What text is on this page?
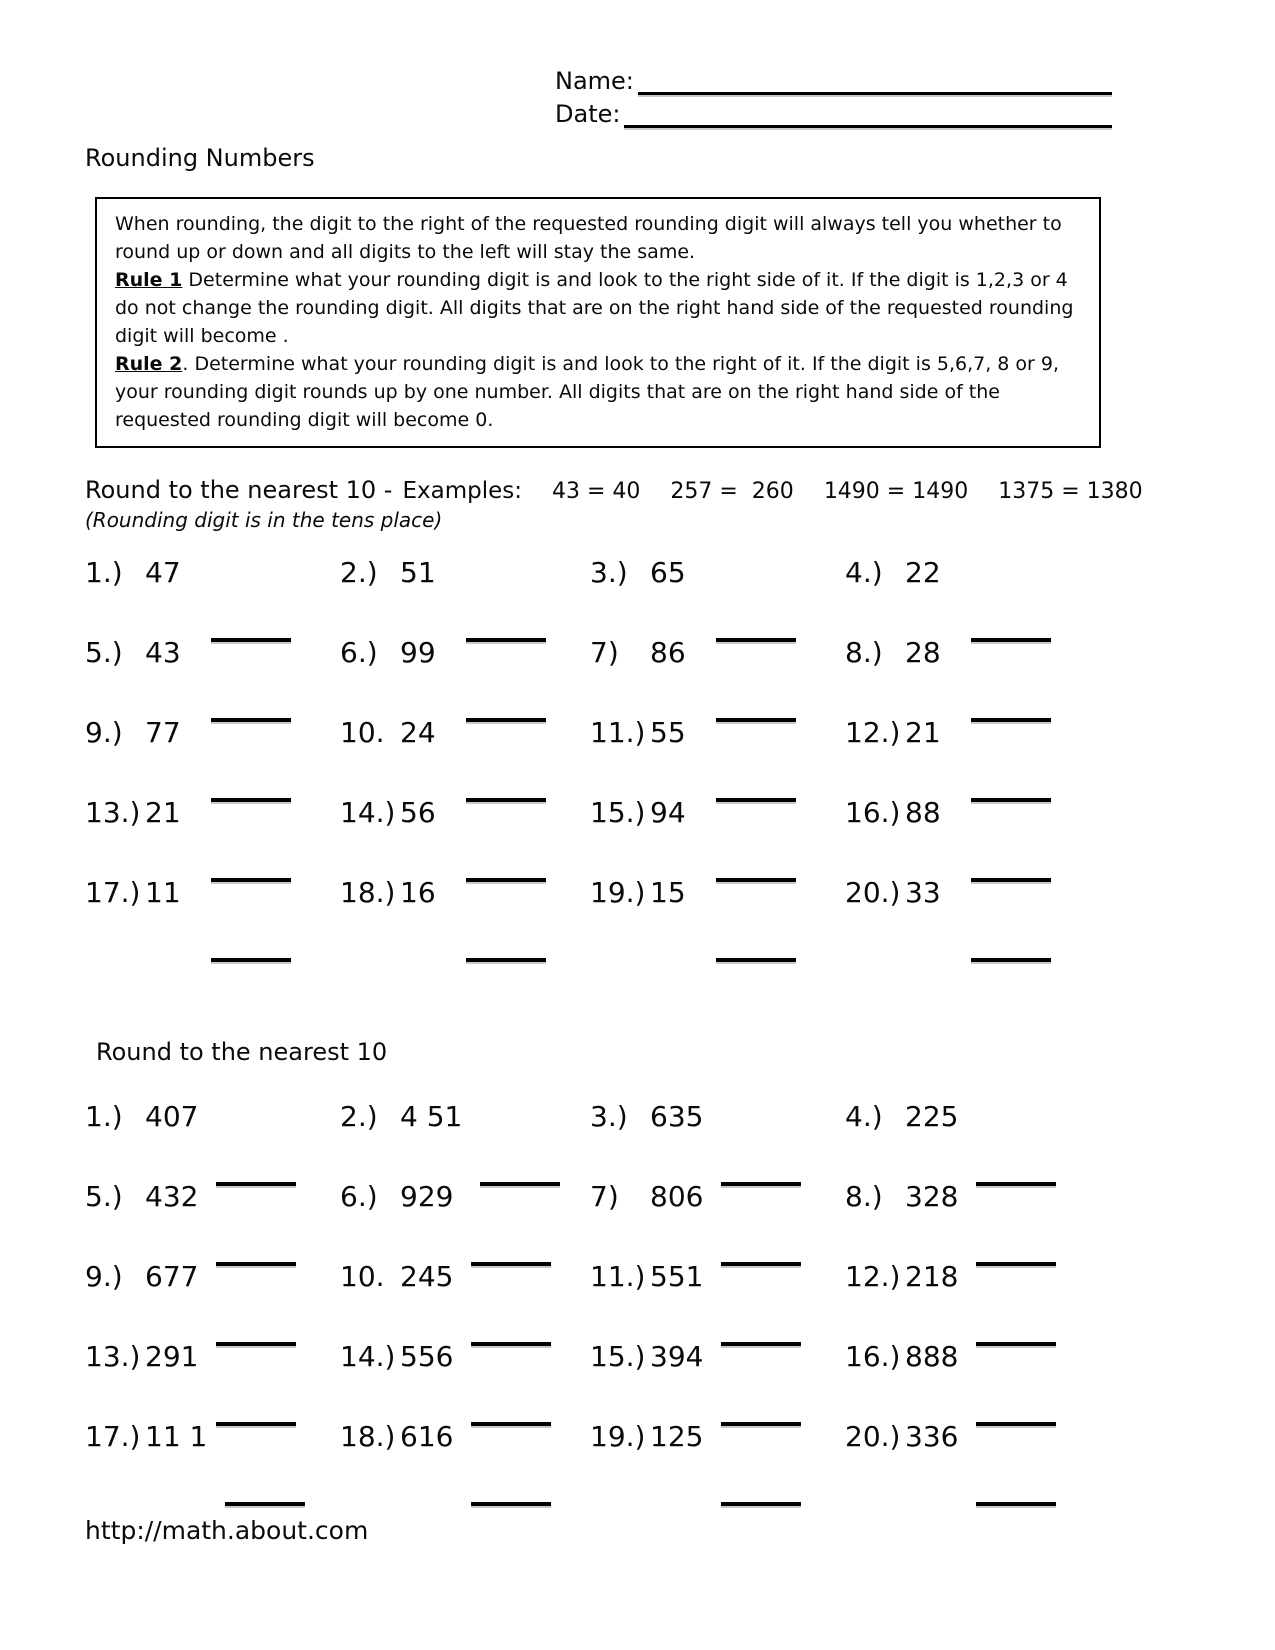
Name:
Date:
Rounding Numbers

When rounding, the digit to the right of the requested rounding digit will always tell you whether to round up or down and all digits to the left will stay the same.

Rule 1 Determine what your rounding digit is and look to the right side of it. If the digit is 1,2,3 or 4 do not change the rounding digit. All digits that are on the right hand side of the requested rounding digit will become .

Rule 2. Determine what your rounding digit is and look to the right of it. If the digit is 5,6,7, 8 or 9, your rounding digit rounds up by one number. All digits that are on the right hand side of the requested rounding digit will become 0.

Round to the nearest 10 - Examples:	43 = 40 257 =  260 1490 = 1490 1375 = 1380
(Rounding digit is in the tens place)
1.) 47	2.) 51	3.) 65	4.) 22
5.) 43	6.) 99	7)	86	8.) 28
9.) 77	10. 24	11.) 55	12.) 21
13.) 21	14.) 56	15.) 94	16.) 88
17.) 11	18.) 16	19.) 15	20.) 33
Round to the nearest 10
1.) 407	2.) 4 51	3.) 635	4.) 225
5.) 432	6.) 929	7)	806	8.) 328
9.) 677	10. 245	11.) 551	12.) 218
13.) 291	14.) 556	15.) 394	16.) 888
17.) 11 1	18.) 616	19.) 125	20.) 336
http://math.about.com
